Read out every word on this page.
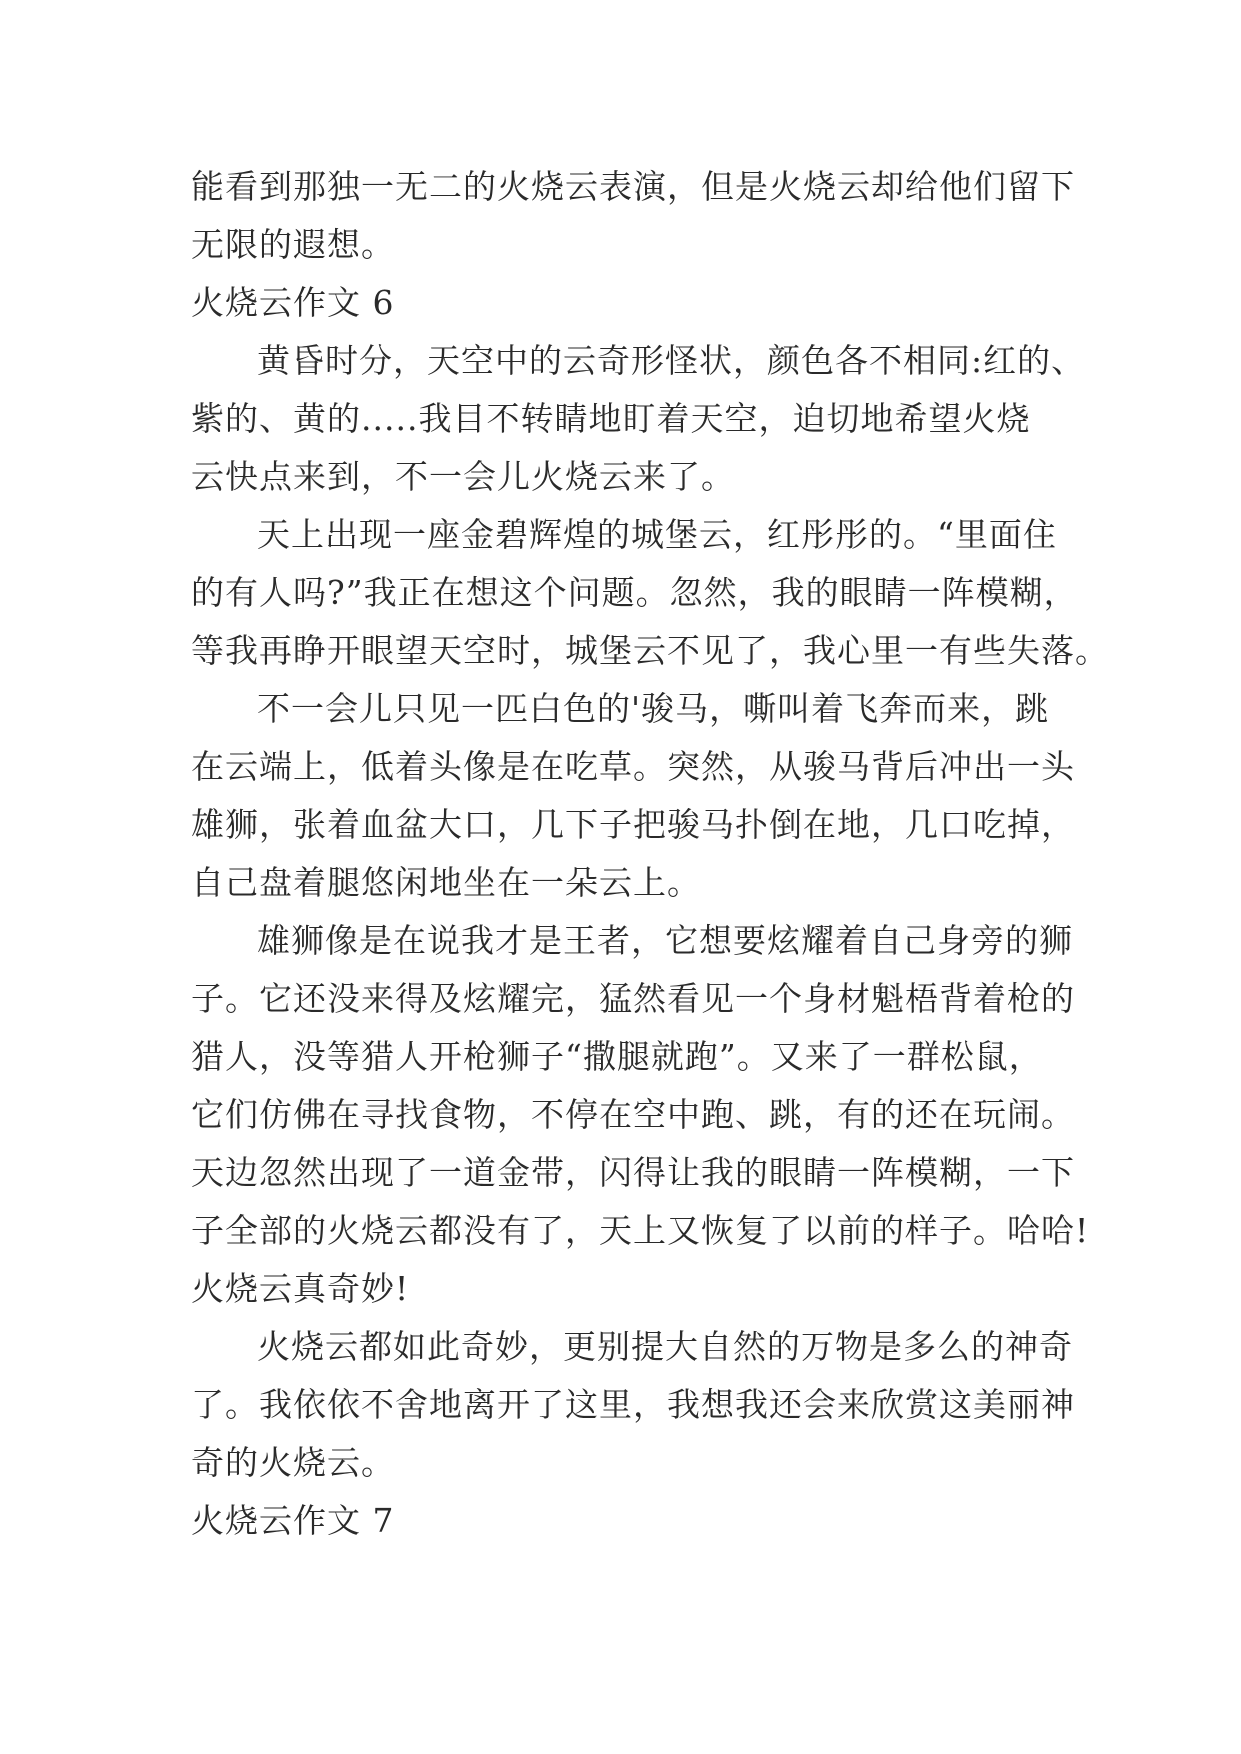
能看到那独一无二的火烧云表演，但是火烧云却给他们留下
无限的遐想。
火烧云作文 6
黄昏时分，天空中的云奇形怪状，颜色各不相同:红的、
紫的、黄的.....我目不转睛地盯着天空，迫切地希望火烧
云快点来到，不一会儿火烧云来了。
天上出现一座金碧辉煌的城堡云，红彤彤的。“里面住
的有人吗?”我正在想这个问题。忽然，我的眼睛一阵模糊，
等我再睁开眼望天空时，城堡云不见了，我心里一有些失落。
不一会儿只见一匹白色的'骏马，嘶叫着飞奔而来，跳
在云端上，低着头像是在吃草。突然，从骏马背后冲出一头
雄狮，张着血盆大口，几下子把骏马扑倒在地，几口吃掉，
自己盘着腿悠闲地坐在一朵云上。
雄狮像是在说我才是王者，它想要炫耀着自己身旁的狮
子。它还没来得及炫耀完，猛然看见一个身材魁梧背着枪的
猎人，没等猎人开枪狮子“撒腿就跑”。又来了一群松鼠，
它们仿佛在寻找食物，不停在空中跑、跳，有的还在玩闹。
天边忽然出现了一道金带，闪得让我的眼睛一阵模糊，一下
子全部的火烧云都没有了，天上又恢复了以前的样子。哈哈!
火烧云真奇妙!
火烧云都如此奇妙，更别提大自然的万物是多么的神奇
了。我依依不舍地离开了这里，我想我还会来欣赏这美丽神
奇的火烧云。
火烧云作文 7
